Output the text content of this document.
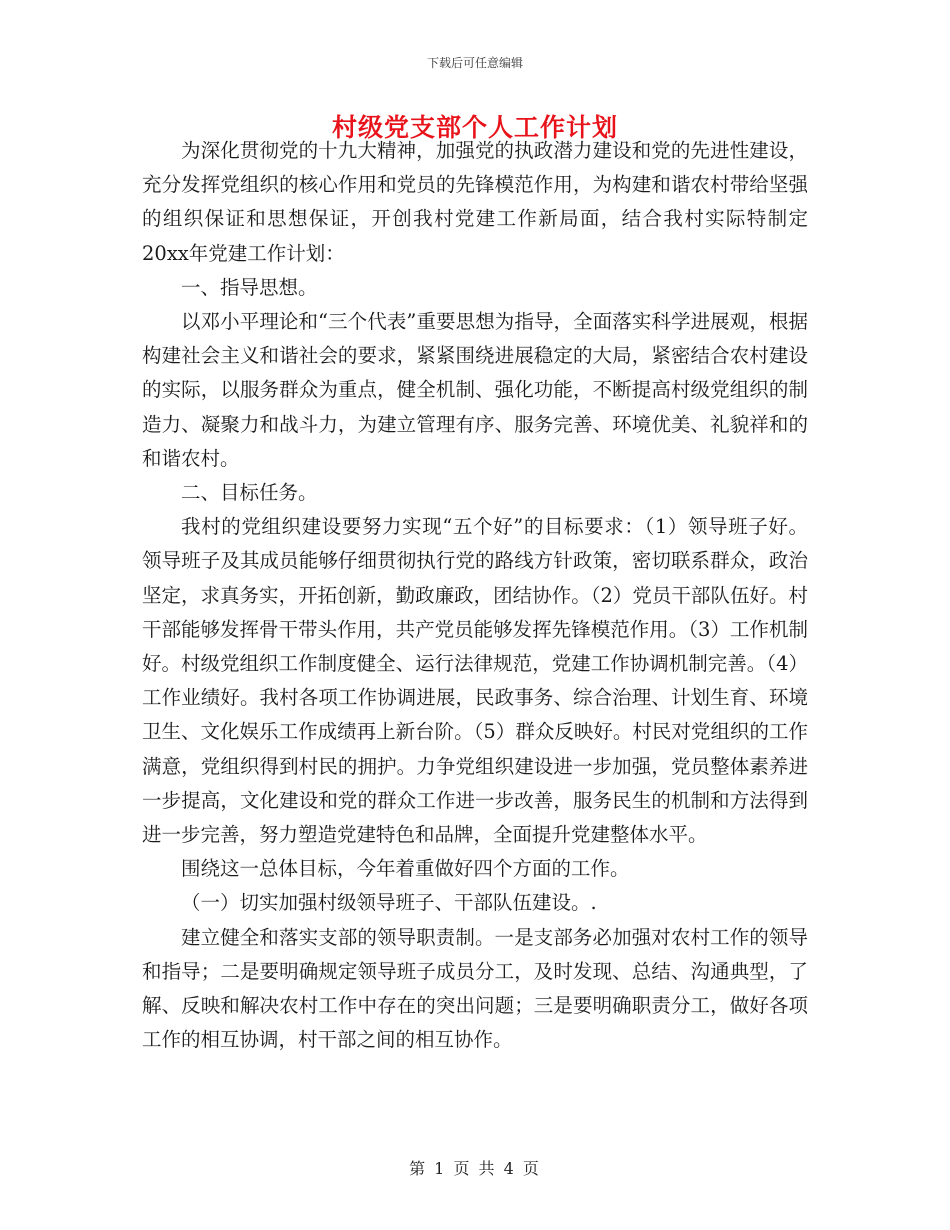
下载后可任意编辑
村级党支部个人工作计划

为深化贯彻党的十九大精神，加强党的执政潜力建设和党的先进性建设，充分发挥党组织的核心作用和党员的先锋模范作用，为构建和谐农村带给坚强的组织保证和思想保证，开创我村党建工作新局面，结合我村实际特制定20xx年党建工作计划：

一、指导思想。

以邓小平理论和“三个代表”重要思想为指导，全面落实科学进展观，根据构建社会主义和谐社会的要求，紧紧围绕进展稳定的大局，紧密结合农村建设的实际，以服务群众为重点，健全机制、强化功能，不断提高村级党组织的制造力、凝聚力和战斗力，为建立管理有序、服务完善、环境优美、礼貌祥和的和谐农村。

二、目标任务。

我村的党组织建设要努力实现“五个好”的目标要求：（1）领导班子好。领导班子及其成员能够仔细贯彻执行党的路线方针政策，密切联系群众，政治坚定，求真务实，开拓创新，勤政廉政，团结协作。（2）党员干部队伍好。村干部能够发挥骨干带头作用，共产党员能够发挥先锋模范作用。（3）工作机制好。村级党组织工作制度健全、运行法律规范，党建工作协调机制完善。（4）工作业绩好。我村各项工作协调进展，民政事务、综合治理、计划生育、环境卫生、文化娱乐工作成绩再上新台阶。（5）群众反映好。村民对党组织的工作满意，党组织得到村民的拥护。力争党组织建设进一步加强，党员整体素养进一步提高，文化建设和党的群众工作进一步改善，服务民生的机制和方法得到进一步完善，努力塑造党建特色和品牌，全面提升党建整体水平。

围绕这一总体目标，今年着重做好四个方面的工作。

（一）切实加强村级领导班子、干部队伍建设。.

建立健全和落实支部的领导职责制。一是支部务必加强对农村工作的领导和指导；二是要明确规定领导班子成员分工，及时发现、总结、沟通典型，了解、反映和解决农村工作中存在的突出问题；三是要明确职责分工，做好各项工作的相互协调，村干部之间的相互协作。

第 1 页 共 4 页
